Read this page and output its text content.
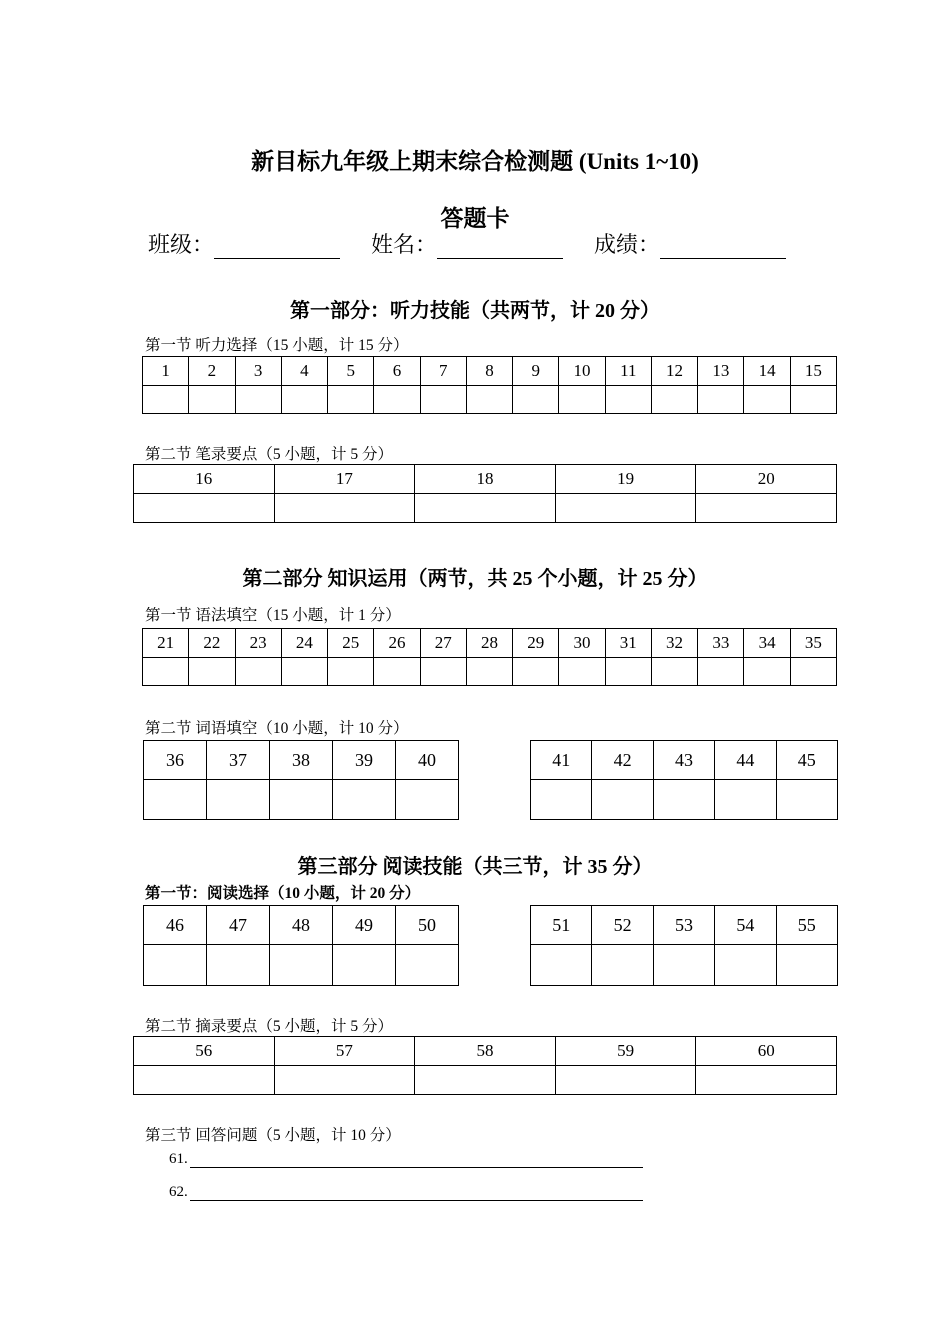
新目标九年级上期末综合检测题 (Units 1~10)
答题卡
班级：	姓名：	成绩：
第一部分：听力技能（共两节，计 20 分）
第一节 听力选择（15 小题，计 15 分）
1	2	3	4	5	6	7	8	9	10	11	12	13	14	15

第二节 笔录要点（5 小题，计 5 分）
16	17	18	19	20

第二部分 知识运用（两节，共 25 个小题，计 25 分）
第一节 语法填空（15 小题，计 1 分）
21	22	23	24	25	26	27	28	29	30	31	32	33	34	35

第二节 词语填空（10 小题，计 10 分）
36	37	38	39	40
					41	42	43	44	45

第三部分 阅读技能（共三节，计 35 分）
第一节：阅读选择（10 小题，计 20 分）
46	47	48	49	50
					51	52	53	54	55

第二节 摘录要点（5 小题，计 5 分）
56	57	58	59	60

第三节 回答问题（5 小题，计 10 分）
61.
62.
